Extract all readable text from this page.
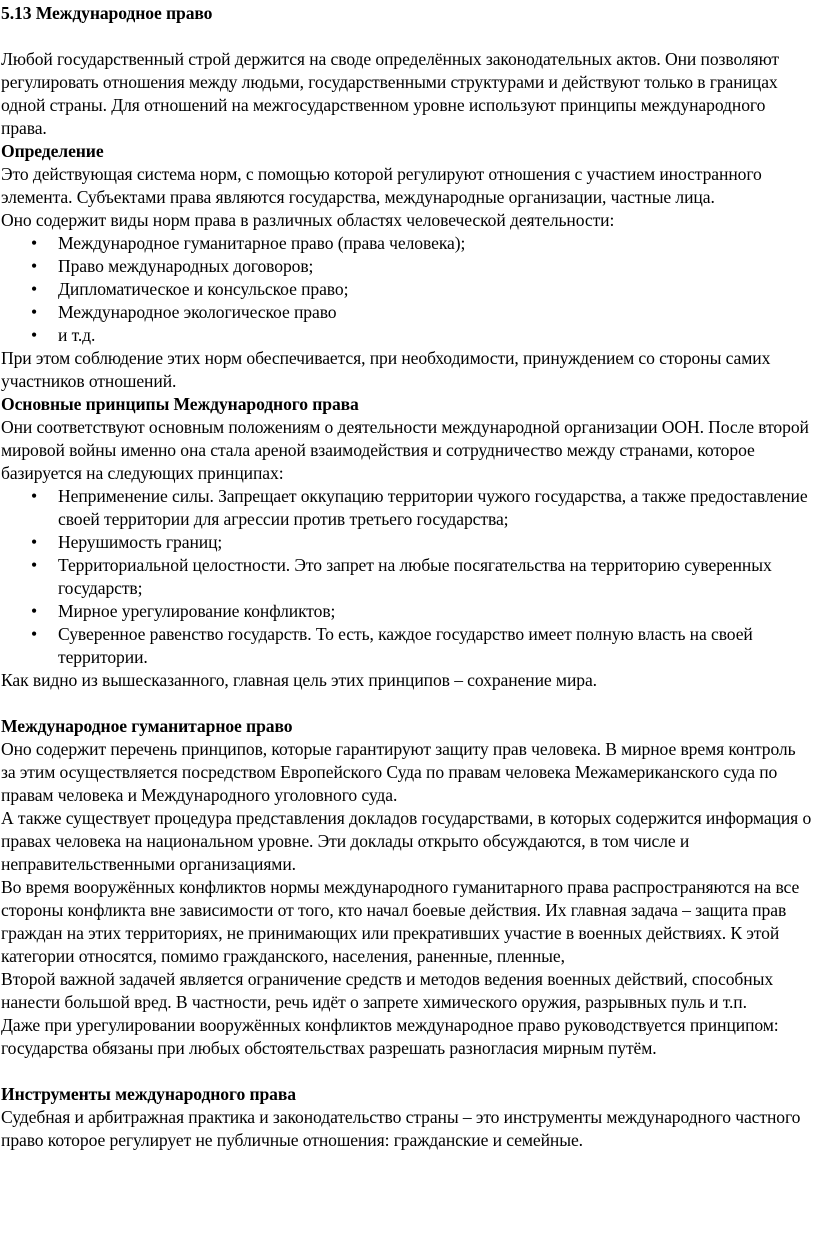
5.13 Международное право

Любой государственный строй держится на своде определённых законодательных актов. Они позволяют регулировать отношения между людьми, государственными структурами и действуют только в границах одной страны. Для отношений на межгосударственном уровне используют принципы международного права.

Определение

Это действующая система норм, с помощью которой регулируют отношения с участием иностранного элемента. Субъектами права являются государства, международные организации, частные лица.

Оно содержит виды норм права в различных областях человеческой деятельности:

• Международное гуманитарное право (права человека);
• Право международных договоров;
• Дипломатическое и консульское право;
• Международное экологическое право
• и т.д.

При этом соблюдение этих норм обеспечивается, при необходимости, принуждением со стороны самих участников отношений.

Основные принципы Международного права

Они соответствуют основным положениям о деятельности международной организации ООН. После второй мировой войны именно она стала ареной взаимодействия и сотрудничество между странами, которое базируется на следующих принципах:

• Неприменение силы. Запрещает оккупацию территории чужого государства, а также предоставление своей территории для агрессии против третьего государства;
• Нерушимость границ;
• Территориальной целостности. Это запрет на любые посягательства на территорию суверенных государств;
• Мирное урегулирование конфликтов;
• Суверенное равенство государств. То есть, каждое государство имеет полную власть на своей территории.

Как видно из вышесказанного, главная цель этих принципов – сохранение мира.

Международное гуманитарное право

Оно содержит перечень принципов, которые гарантируют защиту прав человека. В мирное время контроль за этим осуществляется посредством Европейского Суда по правам человека Межамериканского суда по правам человека и Международного уголовного суда.

А также существует процедура представления докладов государствами, в которых содержится информация о правах человека на национальном уровне. Эти доклады открыто обсуждаются, в том числе и неправительственными организациями.

Во время вооружённых конфликтов нормы международного гуманитарного права распространяются на все стороны конфликта вне зависимости от того, кто начал боевые действия. Их главная задача – защита прав граждан на этих территориях, не принимающих или прекративших участие в военных действиях. К этой категории относятся, помимо гражданского, населения, раненные, пленные,

Второй важной задачей является ограничение средств и методов ведения военных действий, способных нанести большой вред. В частности, речь идёт о запрете химического оружия, разрывных пуль и т.п.

Даже при урегулировании вооружённых конфликтов международное право руководствуется принципом: государства обязаны при любых обстоятельствах разрешать разногласия мирным путём.

Инструменты международного права

Судебная и арбитражная практика и законодательство страны – это инструменты международного частного право которое регулирует не публичные отношения: гражданские и семейные.
